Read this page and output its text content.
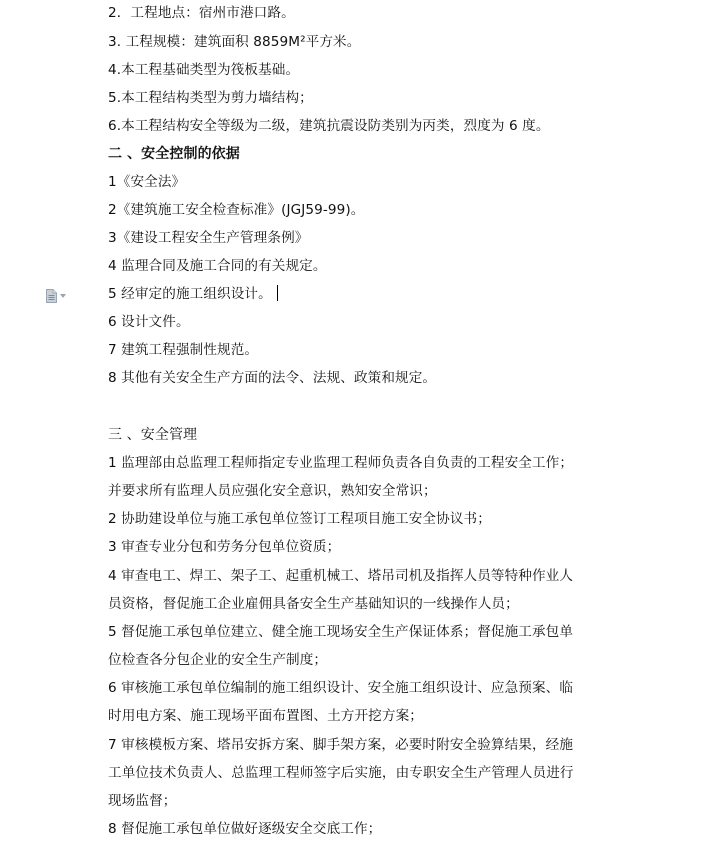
2．工程地点：宿州市港口路。
3. 工程规模：建筑面积 8859M²平方米。
4.本工程基础类型为筏板基础。
5.本工程结构类型为剪力墙结构；
6.本工程结构安全等级为二级，建筑抗震设防类别为丙类，烈度为 6 度。
二 、安全控制的依据
1《安全法》
2《建筑施工安全检查标准》(JGJ59-99)。
3《建设工程安全生产管理条例》
4 监理合同及施工合同的有关规定。
5 经审定的施工组织设计。
6 设计文件。
7 建筑工程强制性规范。
8 其他有关安全生产方面的法令、法规、政策和规定。
三 、安全管理
1 监理部由总监理工程师指定专业监理工程师负责各自负责的工程安全工作；
并要求所有监理人员应强化安全意识，熟知安全常识；
2 协助建设单位与施工承包单位签订工程项目施工安全协议书；
3 审查专业分包和劳务分包单位资质；
4 审查电工、焊工、架子工、起重机械工、塔吊司机及指挥人员等特种作业人
员资格，督促施工企业雇佣具备安全生产基础知识的一线操作人员；
5 督促施工承包单位建立、健全施工现场安全生产保证体系；督促施工承包单
位检查各分包企业的安全生产制度；
6 审核施工承包单位编制的施工组织设计、安全施工组织设计、应急预案、临
时用电方案、施工现场平面布置图、土方开挖方案；
7 审核模板方案、塔吊安拆方案、脚手架方案，必要时附安全验算结果，经施
工单位技术负责人、总监理工程师签字后实施，由专职安全生产管理人员进行
现场监督；
8 督促施工承包单位做好逐级安全交底工作；
